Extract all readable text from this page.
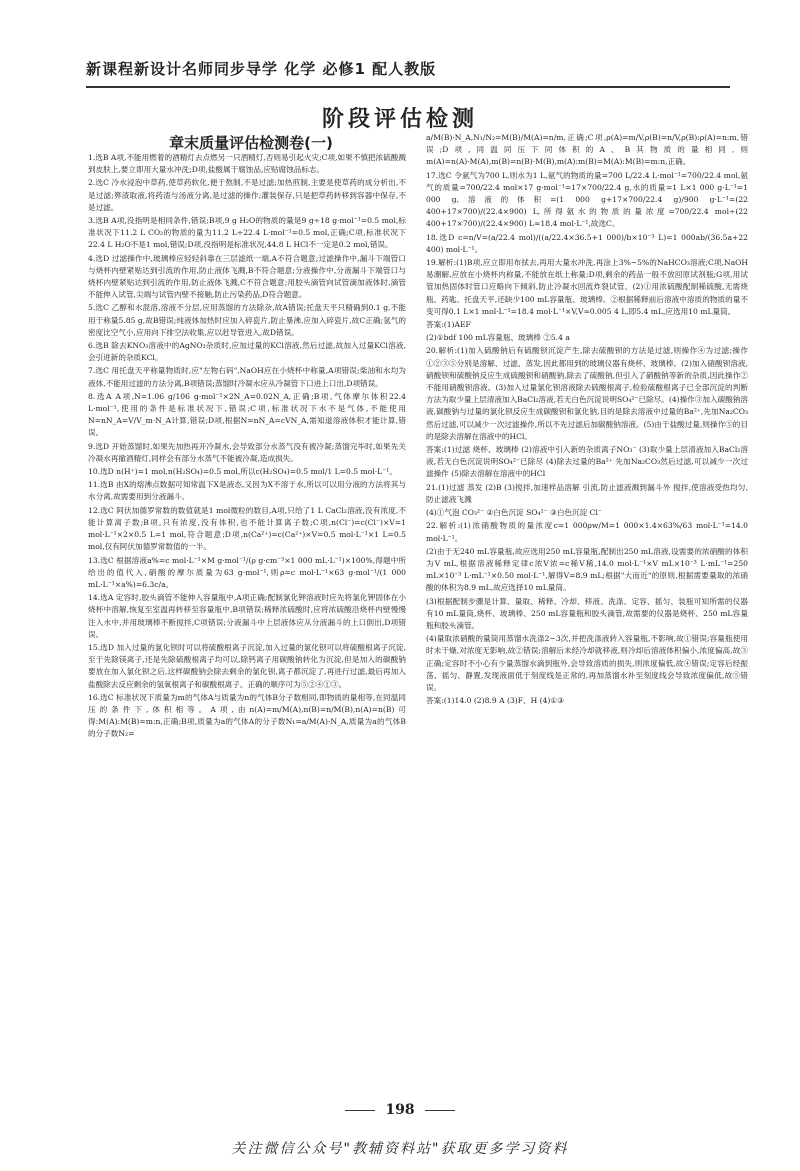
新课程新设计名师同步导学 化学 必修1 配人教版
阶段评估检测
章末质量评估检测卷(一)

1.选B A项,不能用燃着的酒精灯去点燃另一只酒精灯,否则易引起火灾;C项,如果不慎把浓硫酸溅到皮肤上,要立即用大量水冲洗;D项,盐酸属于腐蚀品,应贴腐蚀品标志。

2.选C 冷水浸泡中草药,使草药软化,便于熬制,不是过滤;加热煎制,主要是使草药的成分析出,不是过滤;箅渣取液,将药渣与汤液分离,是过滤的操作;灌装保存,只是把草药转移到容器中保存,不是过滤。

3.选B A项,没指明是相同条件,错误;B项,9 g H₂O的物质的量是9 g÷18 g·mol⁻¹=0.5 mol,标准状况下11.2 L CO₂的物质的量为11.2 L÷22.4 L·mol⁻¹=0.5 mol,正确;C项,标准状况下22.4 L H₂O不是1 mol,错误;D项,没指明是标准状况,44.8 L HCl不一定是0.2 mol,错误。

4.选D 过滤操作中,玻璃棒应轻轻斜靠在三层滤纸一端,A不符合题意;过滤操作中,漏斗下端管口与烧杯内壁紧贴达到引流的作用,防止液体飞溅,B不符合题意;分液操作中,分液漏斗下端管口与烧杯内壁紧贴达到引流的作用,防止液体飞溅,C不符合题意;用胶头滴管向试管滴加液体时,滴管不能伸入试管,尖端与试管内壁不接触,防止污染药品,D符合题意。

5.选C 乙醇和水混溶,溶液不分层,应用蒸馏的方法除杂,故A错误;托盘天平只精确到0.1 g,不能用于称量5.85 g,故B错误;纯液体加热时应加入碎瓷片,防止暴沸,应加入碎瓷片,故C正确;氢气的密度比空气小,应用向下排空法收集,应以赶导管进入,故D错误。

6.选B 除去KNO₃溶液中的AgNO₃杂质时,应加过量的KCl溶液,然后过滤,故加入过量KCl溶液,会引进新的杂质KCl。

7.选C 用托盘天平称量物质时,应"左物右码",NaOH应在小烧杯中称量,A项错误;柴油和水均为液体,不能用过滤的方法分离,B项错误;蒸馏时冷凝水应从冷凝管下口进上口出,D项错误。

8.选A A项,N=1.06 g/106 g·mol⁻¹×2N_A=0.02N_A,正确;B项,气体摩尔体积22.4 L·mol⁻¹,使用的条件是标准状况下,错误;C项,标准状况下水不是气体,不能使用N=nN_A=V/V_m·N_A计算,错误;D项,根据N=nN_A=cVN_A,需知道溶液体积才能计算,错误。

9.选D 开始蒸馏时,如果先加热再开冷凝水,会导致部分水蒸气没有被冷凝;蒸馏完毕时,如果先关冷凝水再撤酒精灯,同样会有部分水蒸气不能被冷凝,造成损失。

10.选D n(H⁺)=1 mol,n(H₂SO₄)=0.5 mol,所以c(H₂SO₄)=0.5 mol/1 L=0.5 mol·L⁻¹。

11.选B 由X的熔沸点数据可知常温下X是液态,又因为X不溶于水,所以可以用分液的方法将其与水分离,故需要用到分液漏斗。

12.选C 阿伏加德罗常数的数值就是1 mol微粒的数目,A项,只给了1 L CaCl₂溶液,没有浓度,不能计算离子数;B项,只有浓度,没有体积,也不能计算离子数;C项,n(Cl⁻)=c(Cl⁻)×V=1 mol·L⁻¹×2×0.5 L=1 mol,符合题意;D项,n(Ca²⁺)=c(Ca²⁺)×V=0.5 mol·L⁻¹×1 L=0.5 mol,仅有阿伏加德罗常数值的一半。

13.选C 根据溶液a%=c mol·L⁻¹×M g·mol⁻¹/(ρ g·cm⁻³×1 000 mL·L⁻¹)×100%,得题中所给出的值代入,硝酸的摩尔质量为63 g·mol⁻¹,则ρ=c mol·L⁻¹×63 g·mol⁻¹/(1 000 mL·L⁻¹×a%)=6.3c/a。

14.选A 定容时,胶头滴管不能伸入容量瓶中,A项正确;配制氯化钾溶液时应先将氯化钾固体在小烧杯中溶解,恢复至室温再转移至容量瓶中,B项错误;稀释浓硫酸时,应将浓硫酸沿烧杯内壁慢慢注入水中,并用玻璃棒不断搅拌,C项错误;分液漏斗中上层液体应从分液漏斗的上口倒出,D项错误。

15.选D 加入过量的氯化钡时可以将硫酸根离子沉淀,加入过量的氯化钡可以将硫酸根离子沉淀,至于先除镁离子,还是先除硫酸根离子均可以,除钙离子用碳酸钠转化为沉淀,但是加入的碳酸钠要放在加入氯化钡之后,这样碳酸钠会除去剩余的氯化钡,离子都沉淀了,再进行过滤,最后再加入盐酸除去反应剩余的氢氧根离子和碳酸根离子。正确的顺序可为⑤②④①③。

16.选C 标准状况下质量为m的气体A与质量为n的气体B分子数相同,即物质的量相等,在同温同压的条件下,体积相等。A项,由n(A)=m/M(A),n(B)=n/M(B),n(A)=n(B)可得:M(A):M(B)=m:n,正确;B项,质量为a的气体A的分子数N₁=a/M(A)·N_A,质量为a的气体B的分子数N₂=

a/M(B)·N_A,N₁/N₂=M(B)/M(A)=n/m,正确;C项,ρ(A)=m/V,ρ(B)=n/V,ρ(B):ρ(A)=n:m,错误;D项,同温同压下同体积的A、B其物质的量相同,则m(A)=n(A)·M(A),m(B)=n(B)·M(B),m(A):m(B)=M(A):M(B)=m:n,正确。

17.选C 令氨气为700 L,则水为1 L,氨气的物质的量=700 L/22.4 L·mol⁻¹=700/22.4 mol,氨气的质量=700/22.4 mol×17 g·mol⁻¹=17×700/22.4 g,水的质量=1 L×1 000 g·L⁻¹=1 000 g,溶液的体积=(1 000 g+17×700/22.4 g)/900 g·L⁻¹=(22 400+17×700)/(22.4×900) L,所得氨水的物质的量浓度=700/22.4 mol÷(22 400+17×700)/(22.4×900) L≈18.4 mol·L⁻¹,故选C。

18.选D c=n/V=(a/22.4 mol)/((a/22.4×36.5+1 000)/b×10⁻³ L)=1 000ab/(36.5a+22 400) mol·L⁻¹。

19.解析:(1)B项,应立即用布拭去,再用大量水冲洗,再涂上3%~5%的NaHCO₃溶液;C项,NaOH易潮解,应放在小烧杯内称量,不能放在纸上称量;D项,剩余的药品一般不放回原试剂瓶;G项,用试管加热固体时管口应略向下倾斜,防止冷凝水回流炸裂试管。(2)①用浓硫酸配制稀硫酸,无需烧瓶、药匙、托盘天平,还缺少100 mL容量瓶、玻璃棒。②根据稀释前后溶液中溶质的物质的量不变可得0.1 L×1 mol·L⁻¹=18.4 mol·L⁻¹×V,V≈0.005 4 L,即5.4 mL,应选用10 mL量筒。

答案:(1)AEF

(2)①bdf 100 mL容量瓶、玻璃棒 ②5.4 a

20.解析:(1)加入硫酸钠后有硫酸钡沉淀产生,除去硫酸钡的方法是过滤,则操作④为过滤;操作①②③⑤分别是溶解、过滤、蒸发,因此都用到的玻璃仪器有烧杯、玻璃棒。(2)加入硝酸钡溶液,硝酸钡和硫酸钠反应生成硫酸钡和硝酸钠,除去了硫酸钠,但引入了硝酸钠等新的杂质,因此操作②不能用硝酸钡溶液。(3)加入过量氯化钡溶液除去硫酸根离子,检验硫酸根离子已全部沉淀的判断方法为取少量上层清液加入BaCl₂溶液,若无白色沉淀说明SO₄²⁻已除尽。(4)操作③加入碳酸钠溶液,碳酸钠与过量的氯化钡反应生成碳酸钡和氯化钠,目的是除去溶液中过量的Ba²⁺,先加Na₂CO₃然后过滤,可以减少一次过滤操作,所以不先过滤后加碳酸钠溶液。(5)由于盐酸过量,则操作⑤的目的是除去溶解在溶液中的HCl。

答案:(1)过滤 烧杯、玻璃棒 (2)溶液中引入新的杂质离子NO₃⁻ (3)取少量上层清液加入BaCl₂溶液,若无白色沉淀说明SO₄²⁻已除尽 (4)除去过量的Ba²⁺ 先加Na₂CO₃然后过滤,可以减少一次过滤操作 (5)除去溶解在溶液中的HCl

21.(1)过滤 蒸发 (2)B (3)搅拌,加速样品溶解 引流,防止滤液溅到漏斗外 搅拌,使溶液受热均匀,防止滤液飞溅

(4)①气泡 CO₃²⁻ ②白色沉淀 SO₄²⁻ ③白色沉淀 Cl⁻

22.解析:(1)浓硝酸物质的量浓度c=1 000ρw/M=1 000×1.4×63%/63 mol·L⁻¹=14.0 mol·L⁻¹。

(2)由于无240 mL容量瓶,故应选用250 mL容量瓶,配制出250 mL溶液,设需要的浓硝酸的体积为V mL,根据溶液稀释定律c浓V浓=c稀V稀,14.0 mol·L⁻¹×V mL×10⁻³ L·mL⁻¹=250 mL×10⁻³ L·mL⁻¹×0.50 mol·L⁻¹,解得V=8.9 mL;根据"大而近"的原则,根据需要量取的浓硝酸的体积为8.9 mL,故应选择10 mL量筒。

(3)根据配制步骤是计算、量取、稀释、冷却、移液、洗涤、定容、摇匀、装瓶可知所需的仪器有10 mL量筒,烧杯、玻璃棒、250 mL容量瓶和胶头滴管,故需要的仪器是烧杯、250 mL容量瓶和胶头滴管。

(4)量取浓硝酸的量筒用蒸馏水洗涤2~3次,并把洗涤液转入容量瓶,不影响,故①错误;容量瓶使用时未干燥,对浓度无影响,故②错误;溶解后未经冷却就移液,则冷却后溶液体积偏小,浓度偏高,故③正确;定容时不小心有少量蒸馏水滴到瓶外,会导致溶质的损失,则浓度偏低,故④错误;定容后经振荡、摇匀、静置,发现液面低于刻度线是正常的,再加蒸馏水补至刻度线会导致浓度偏低,故⑤错误。

答案:(1)14.0 (2)8.9 A (3)F、H (4)①③

198
关注微信公众号"教辅资料站"获取更多学习资料
